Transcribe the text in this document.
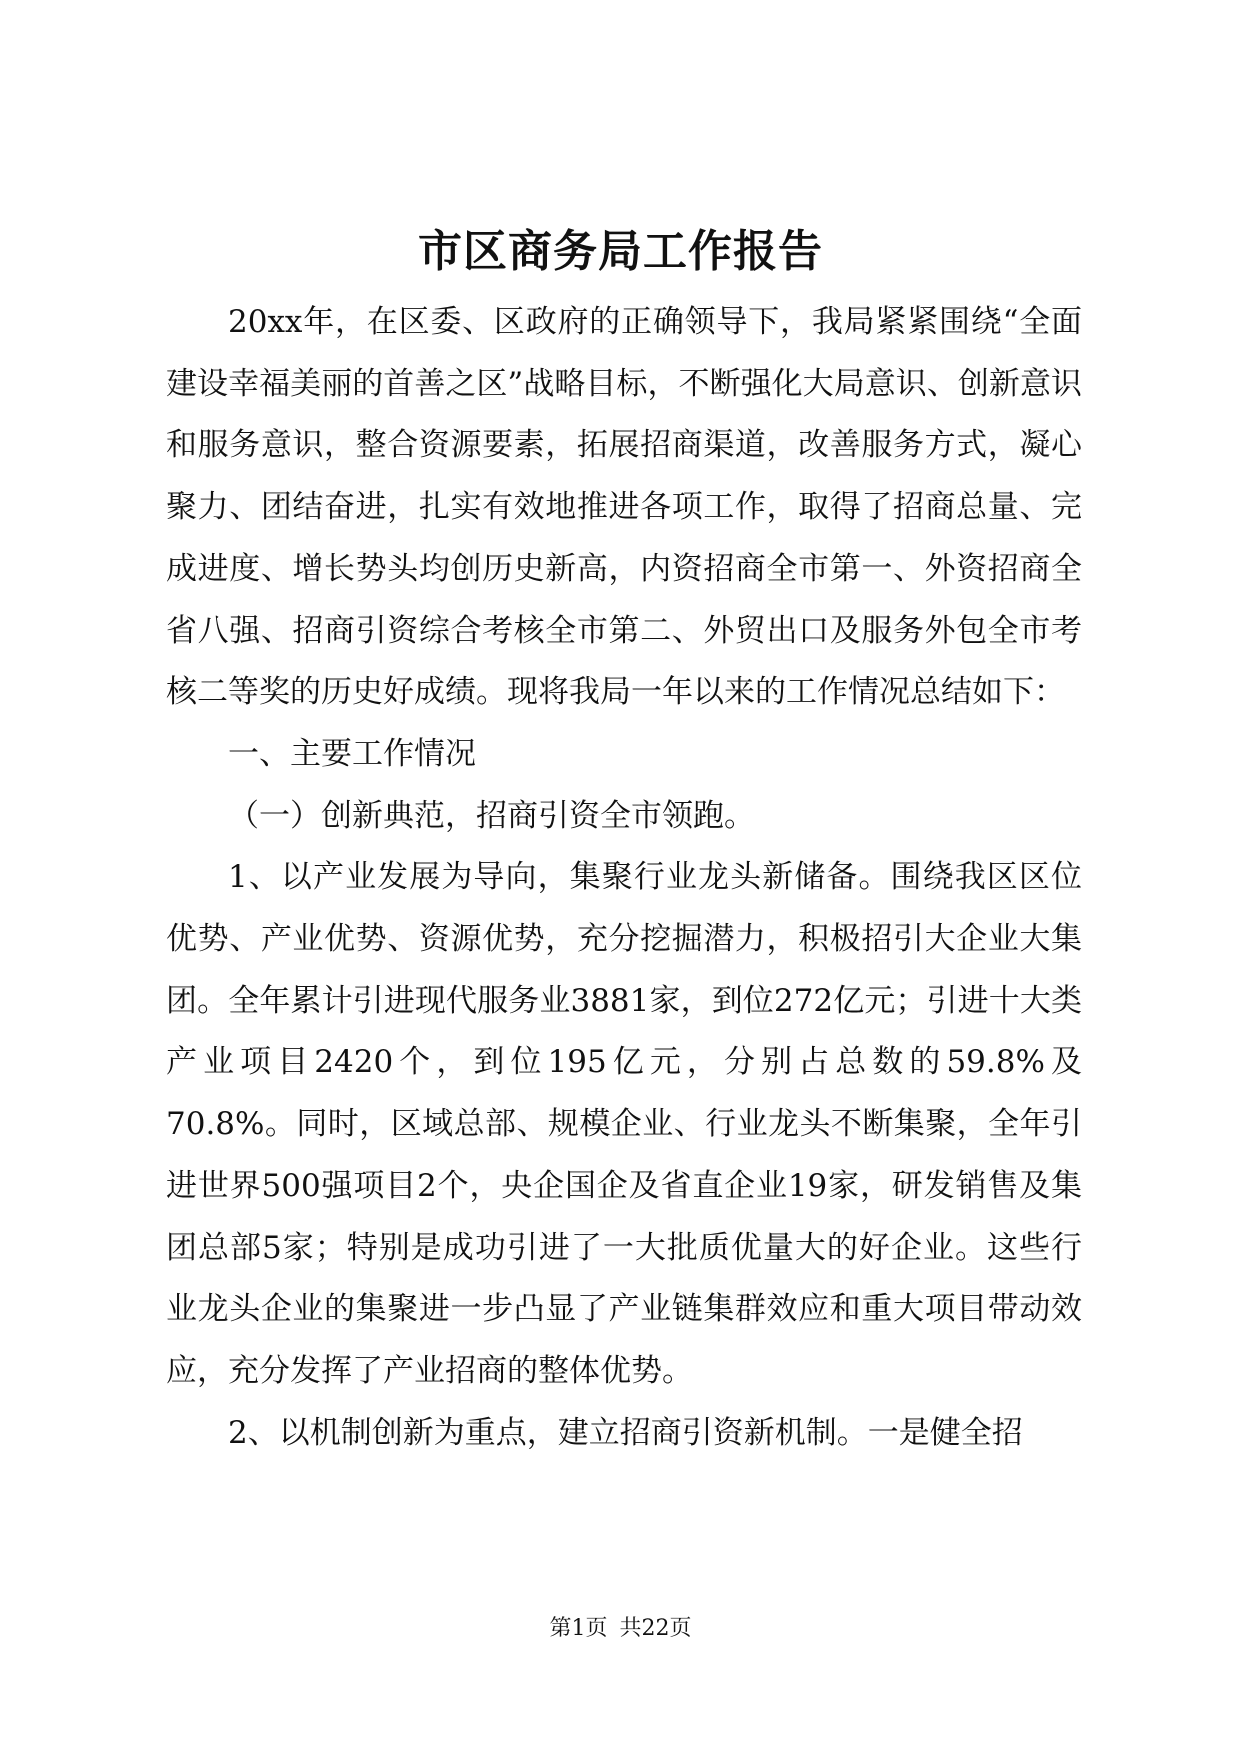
市区商务局工作报告

20xx年，在区委、区政府的正确领导下，我局紧紧围绕“全面建设幸福美丽的首善之区”战略目标，不断强化大局意识、创新意识和服务意识，整合资源要素，拓展招商渠道，改善服务方式，凝心聚力、团结奋进，扎实有效地推进各项工作，取得了招商总量、完成进度、增长势头均创历史新高，内资招商全市第一、外资招商全省八强、招商引资综合考核全市第二、外贸出口及服务外包全市考核二等奖的历史好成绩。现将我局一年以来的工作情况总结如下：

一、主要工作情况

（一）创新典范，招商引资全市领跑。

1、以产业发展为导向，集聚行业龙头新储备。围绕我区区位优势、产业优势、资源优势，充分挖掘潜力，积极招引大企业大集团。全年累计引进现代服务业3881家，到位272亿元；引进十大类产业项目2420个，到位195亿元，分别占总数的59.8%及70.8%。同时，区域总部、规模企业、行业龙头不断集聚，全年引进世界500强项目2个，央企国企及省直企业19家，研发销售及集团总部5家；特别是成功引进了一大批质优量大的好企业。这些行业龙头企业的集聚进一步凸显了产业链集群效应和重大项目带动效应，充分发挥了产业招商的整体优势。

2、以机制创新为重点，建立招商引资新机制。一是健全招

第1页 共22页
